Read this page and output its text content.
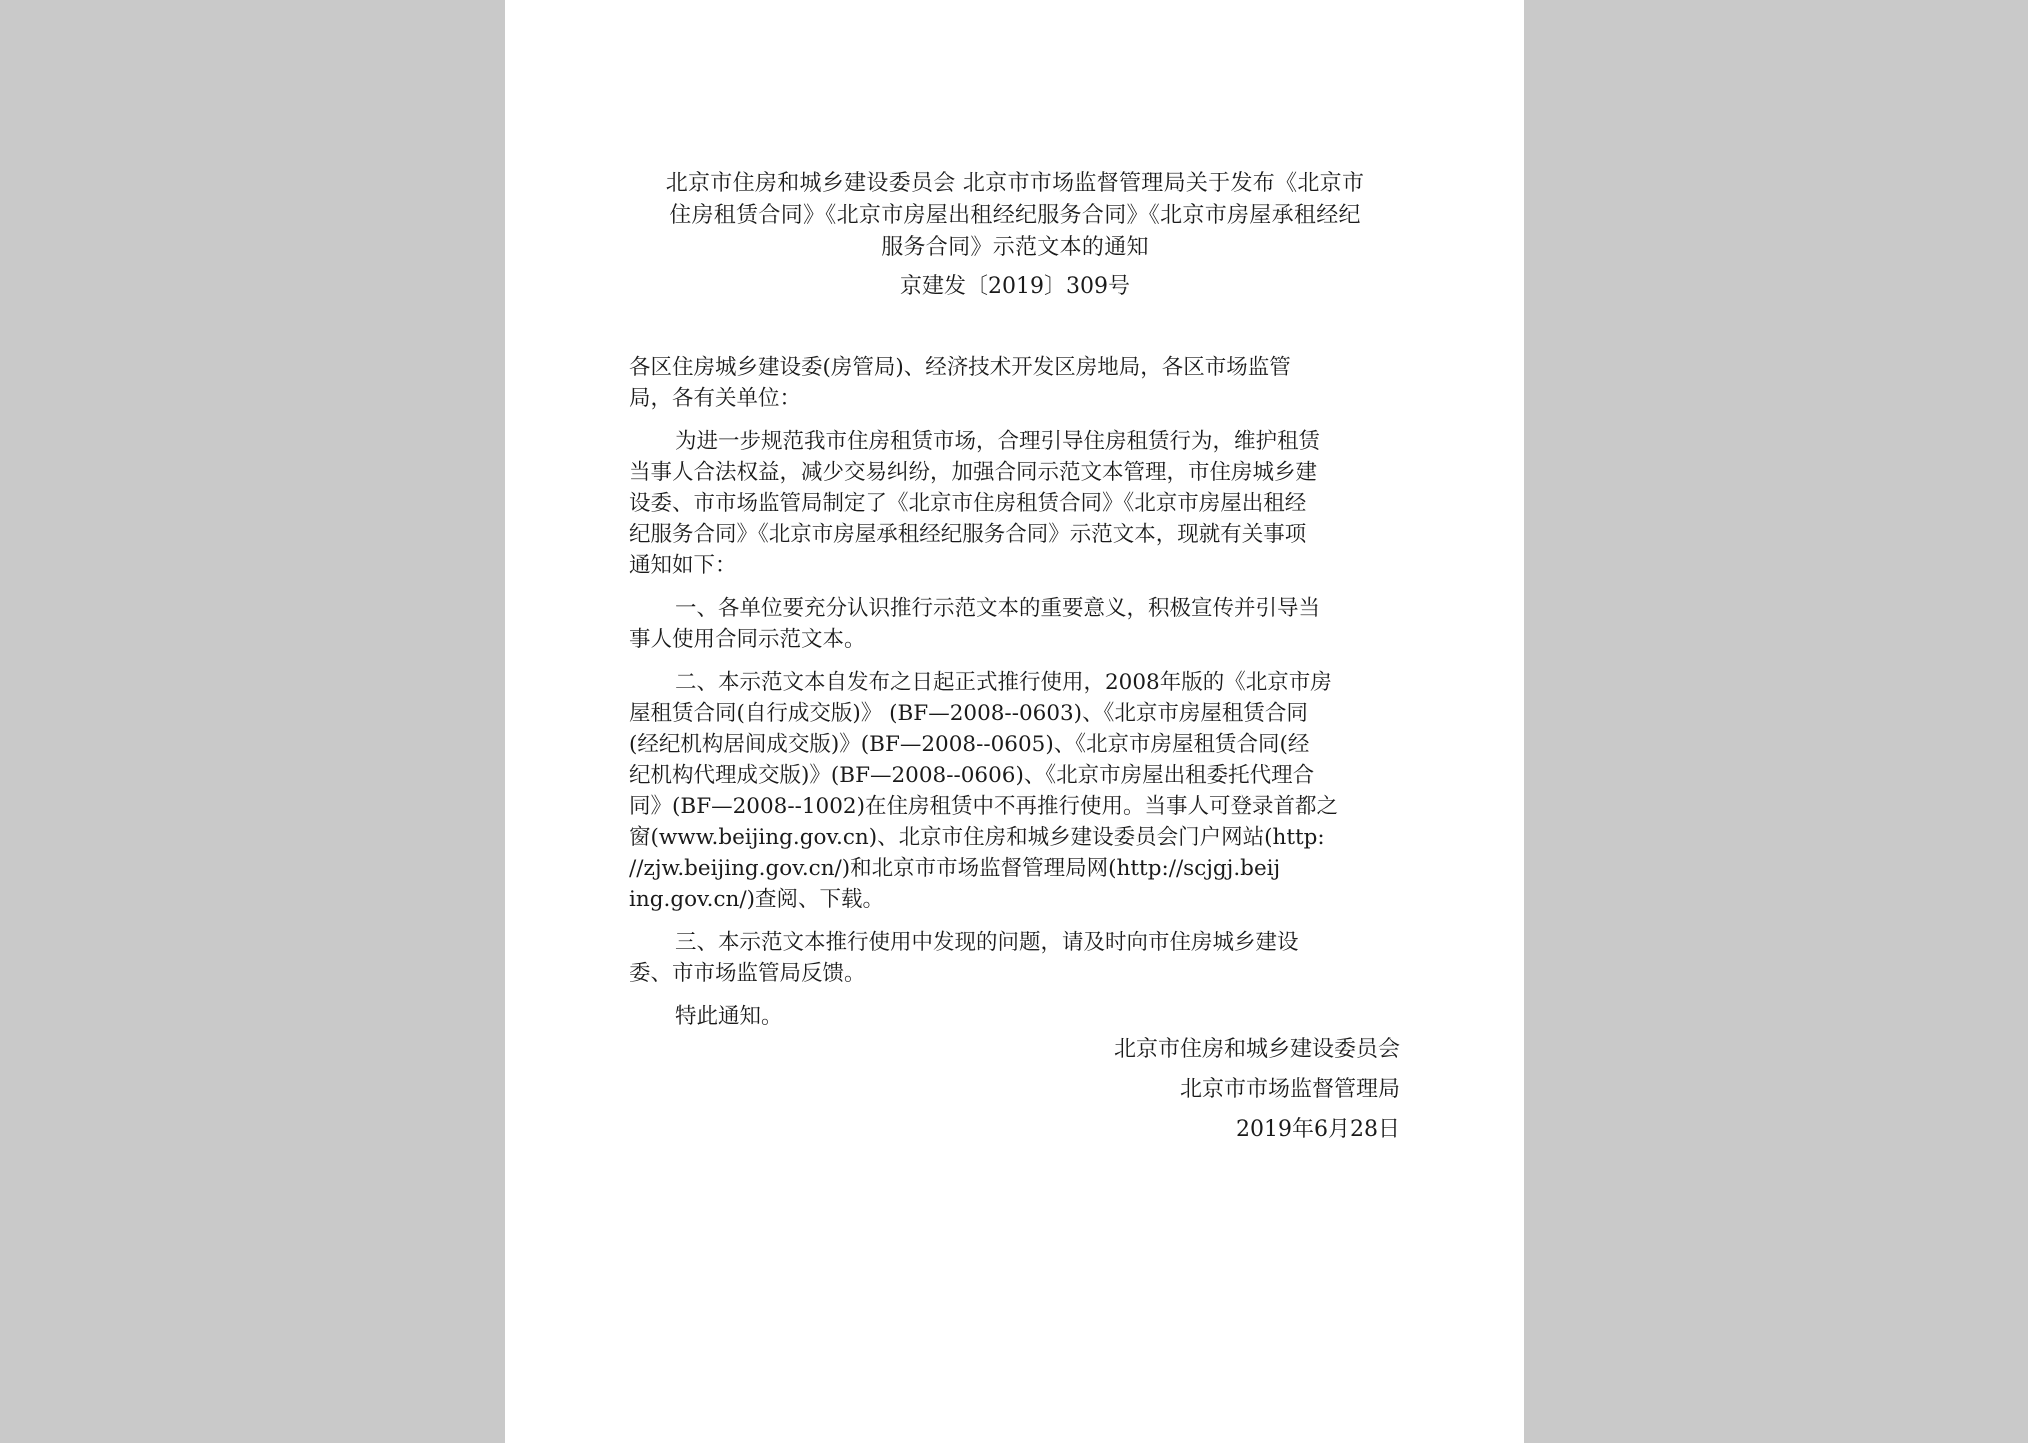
北京市住房和城乡建设委员会 北京市市场监督管理局关于发布《北京市
住房租赁合同》《北京市房屋出租经纪服务合同》《北京市房屋承租经纪
服务合同》示范文本的通知
京建发〔2019〕309号
各区住房城乡建设委(房管局)、经济技术开发区房地局，各区市场监管
局，各有关单位：
为进一步规范我市住房租赁市场，合理引导住房租赁行为，维护租赁
当事人合法权益，减少交易纠纷，加强合同示范文本管理，市住房城乡建
设委、市市场监管局制定了《北京市住房租赁合同》《北京市房屋出租经
纪服务合同》《北京市房屋承租经纪服务合同》示范文本，现就有关事项
通知如下：
一、各单位要充分认识推行示范文本的重要意义，积极宣传并引导当
事人使用合同示范文本。
二、本示范文本自发布之日起正式推行使用，2008年版的《北京市房
屋租赁合同(自行成交版)》 (BF—2008--0603)、《北京市房屋租赁合同
(经纪机构居间成交版)》(BF—2008--0605)、《北京市房屋租赁合同(经
纪机构代理成交版)》(BF—2008--0606)、《北京市房屋出租委托代理合
同》(BF—2008--1002)在住房租赁中不再推行使用。当事人可登录首都之
窗(www.beijing.gov.cn)、北京市住房和城乡建设委员会门户网站(http:
//zjw.beijing.gov.cn/)和北京市市场监督管理局网(http://scjgj.beij
ing.gov.cn/)查阅、下载。
三、本示范文本推行使用中发现的问题，请及时向市住房城乡建设
委、市市场监管局反馈。
特此通知。
北京市住房和城乡建设委员会
北京市市场监督管理局
2019年6月28日
